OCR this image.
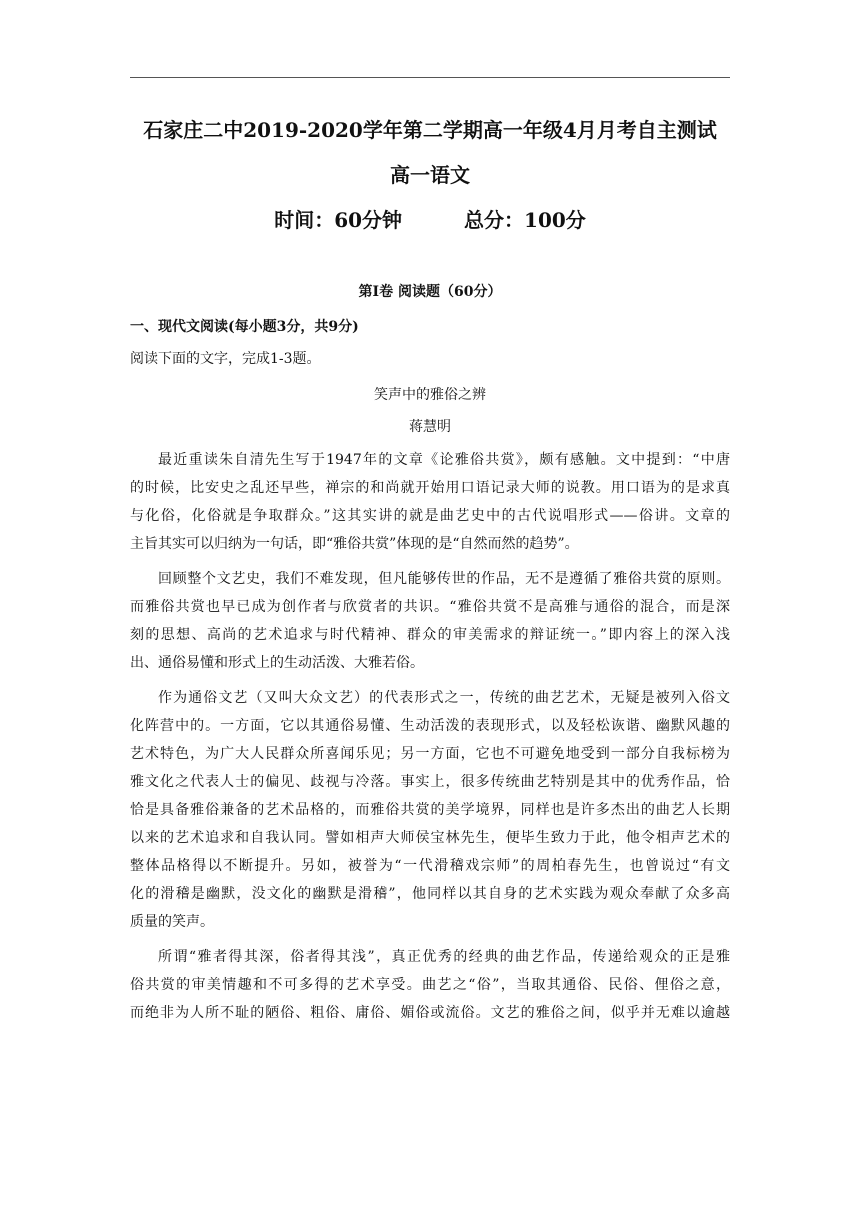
石家庄二中2019-2020学年第二学期高一年级4月月考自主测试
高一语文
时间：60分钟	总分：100分
第Ⅰ卷 阅读题（60分）
一、现代文阅读(每小题3分，共9分)
阅读下面的文字，完成1-3题。
笑声中的雅俗之辨
蒋慧明
最近重读朱自清先生写于1947年的文章《论雅俗共赏》，颇有感触。文中提到：“中唐
的时候，比安史之乱还早些，禅宗的和尚就开始用口语记录大师的说教。用口语为的是求真
与化俗，化俗就是争取群众。”这其实讲的就是曲艺史中的古代说唱形式——俗讲。文章的
主旨其实可以归纳为一句话，即“雅俗共赏”体现的是“自然而然的趋势”。
回顾整个文艺史，我们不难发现，但凡能够传世的作品，无不是遵循了雅俗共赏的原则。
而雅俗共赏也早已成为创作者与欣赏者的共识。“雅俗共赏不是高雅与通俗的混合，而是深
刻的思想、高尚的艺术追求与时代精神、群众的审美需求的辩证统一。”即内容上的深入浅
出、通俗易懂和形式上的生动活泼、大雅若俗。
作为通俗文艺（又叫大众文艺）的代表形式之一，传统的曲艺艺术，无疑是被列入俗文
化阵营中的。一方面，它以其通俗易懂、生动活泼的表现形式，以及轻松诙谐、幽默风趣的
艺术特色，为广大人民群众所喜闻乐见；另一方面，它也不可避免地受到一部分自我标榜为
雅文化之代表人士的偏见、歧视与冷落。事实上，很多传统曲艺特别是其中的优秀作品，恰
恰是具备雅俗兼备的艺术品格的，而雅俗共赏的美学境界，同样也是许多杰出的曲艺人长期
以来的艺术追求和自我认同。譬如相声大师侯宝林先生，便毕生致力于此，他令相声艺术的
整体品格得以不断提升。另如，被誉为“一代滑稽戏宗师”的周柏春先生，也曾说过“有文
化的滑稽是幽默，没文化的幽默是滑稽”，他同样以其自身的艺术实践为观众奉献了众多高
质量的笑声。
所谓“雅者得其深，俗者得其浅”，真正优秀的经典的曲艺作品，传递给观众的正是雅
俗共赏的审美情趣和不可多得的艺术享受。曲艺之“俗”，当取其通俗、民俗、俚俗之意，
而绝非为人所不耻的陋俗、粗俗、庸俗、媚俗或流俗。文艺的雅俗之间，似乎并无难以逾越
